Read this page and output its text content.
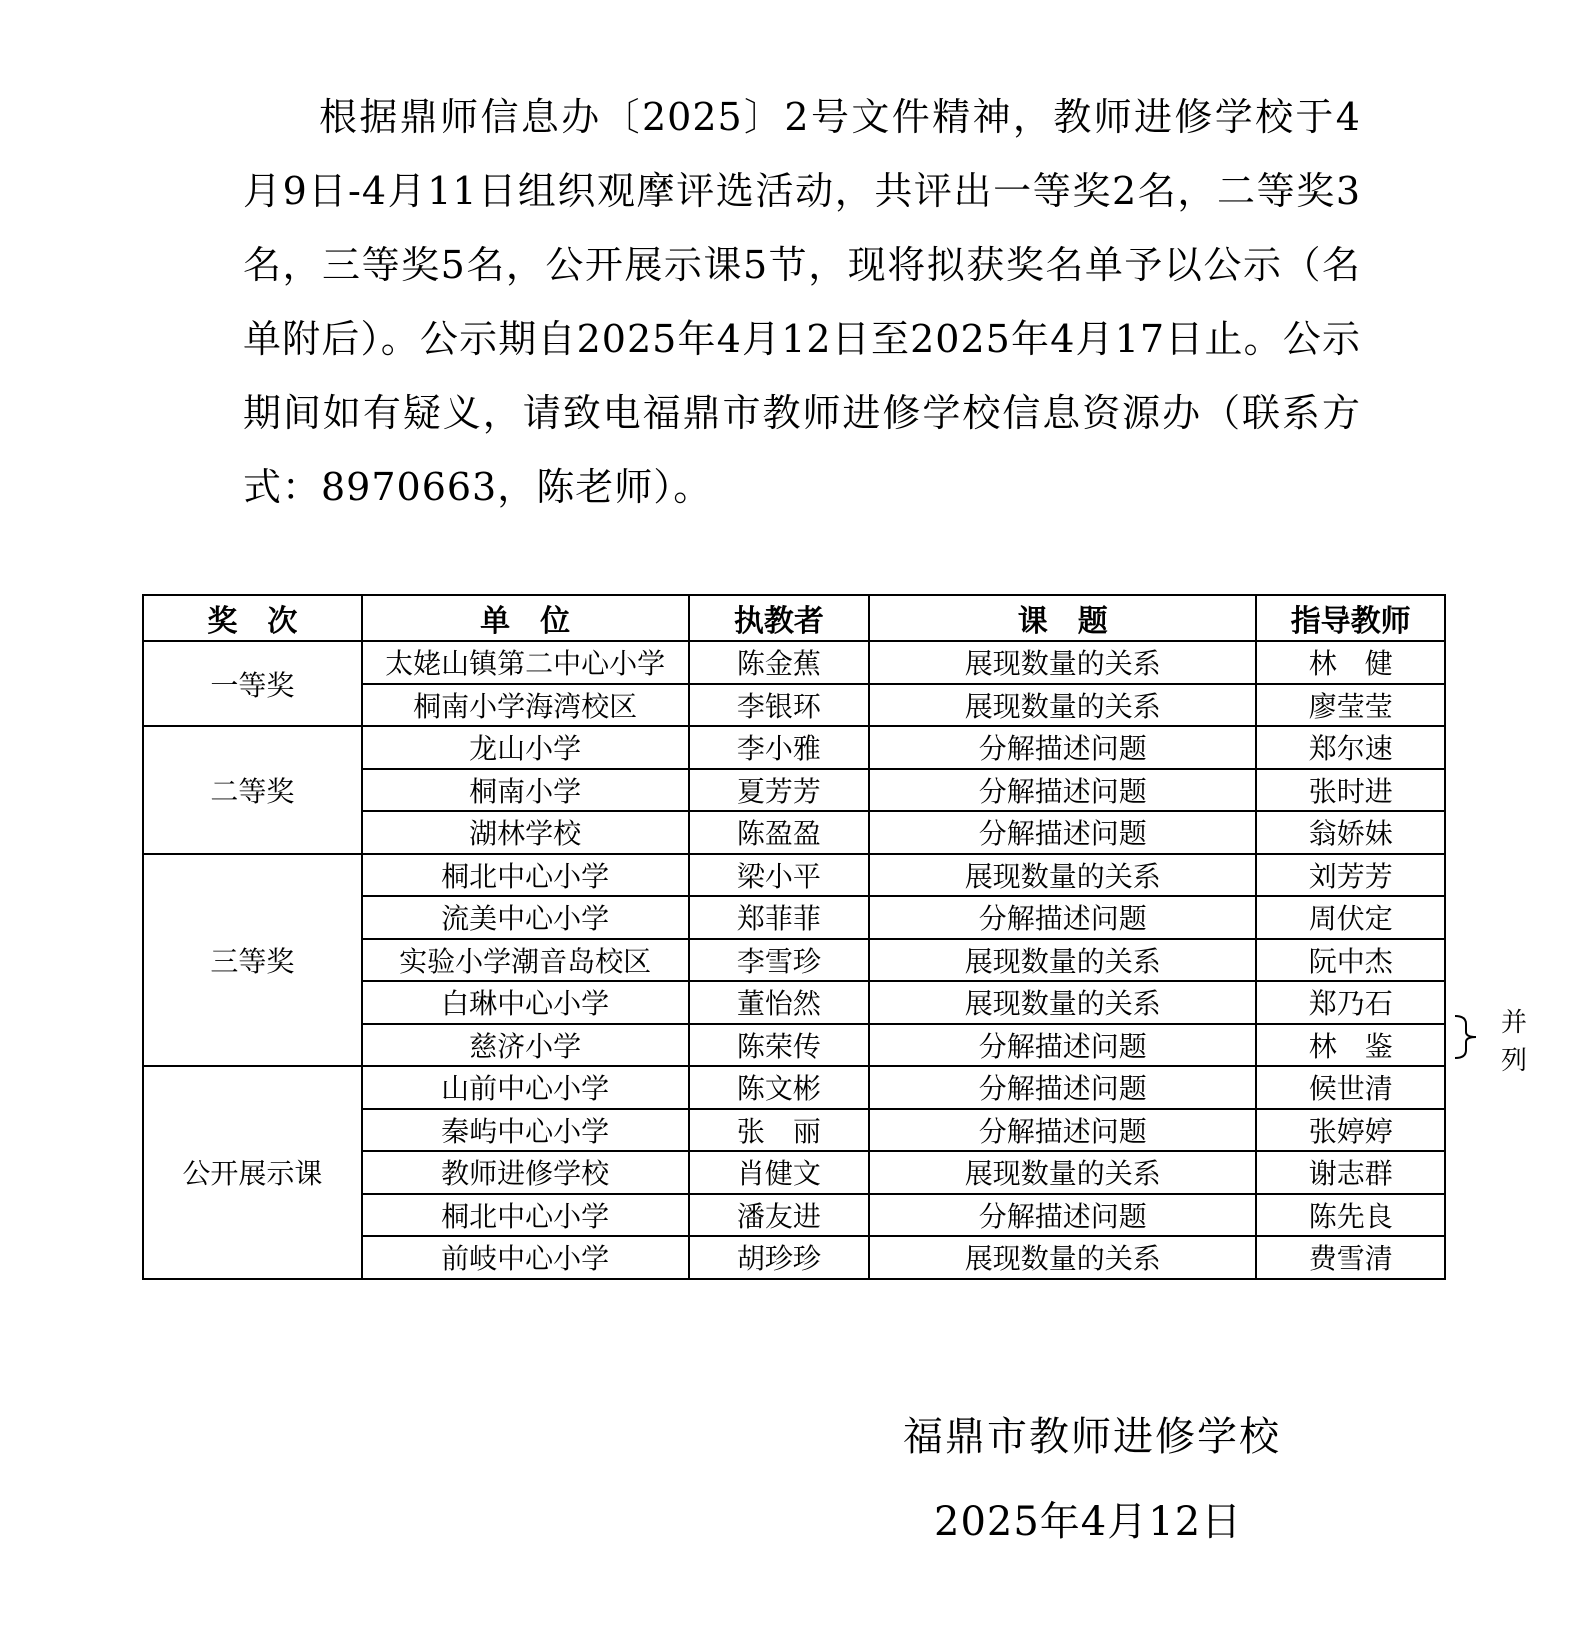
根据鼎师信息办〔2025〕2号文件精神，教师进修学校于4月9日-4月11日组织观摩评选活动，共评出一等奖2名，二等奖3名，三等奖5名，公开展示课5节，现将拟获奖名单予以公示（名单附后）。公示期自2025年4月12日至2025年4月17日止。公示期间如有疑义，请致电福鼎市教师进修学校信息资源办（联系方式：8970663，陈老师）。
奖　次	单　位	执教者	课　题	指导教师
一等奖	太姥山镇第二中心小学	陈金蕉	展现数量的关系	林　健
	桐南小学海湾校区	李银环	展现数量的关系	廖莹莹
二等奖	龙山小学	李小雅	分解描述问题	郑尔速
	桐南小学	夏芳芳	分解描述问题	张时进
	湖林学校	陈盈盈	分解描述问题	翁娇妹
三等奖	桐北中心小学	梁小平	展现数量的关系	刘芳芳
	流美中心小学	郑菲菲	分解描述问题	周伏定
	实验小学潮音岛校区	李雪珍	展现数量的关系	阮中杰
	白琳中心小学	董怡然	展现数量的关系	郑乃石
	慈济小学	陈荣传	分解描述问题	林　鉴
公开展示课	山前中心小学	陈文彬	分解描述问题	候世清
	秦屿中心小学	张　丽	分解描述问题	张婷婷
	教师进修学校	肖健文	展现数量的关系	谢志群
	桐北中心小学	潘友进	分解描述问题	陈先良
	前岐中心小学	胡珍珍	展现数量的关系	费雪清
并
列
福鼎市教师进修学校
2025年4月12日
